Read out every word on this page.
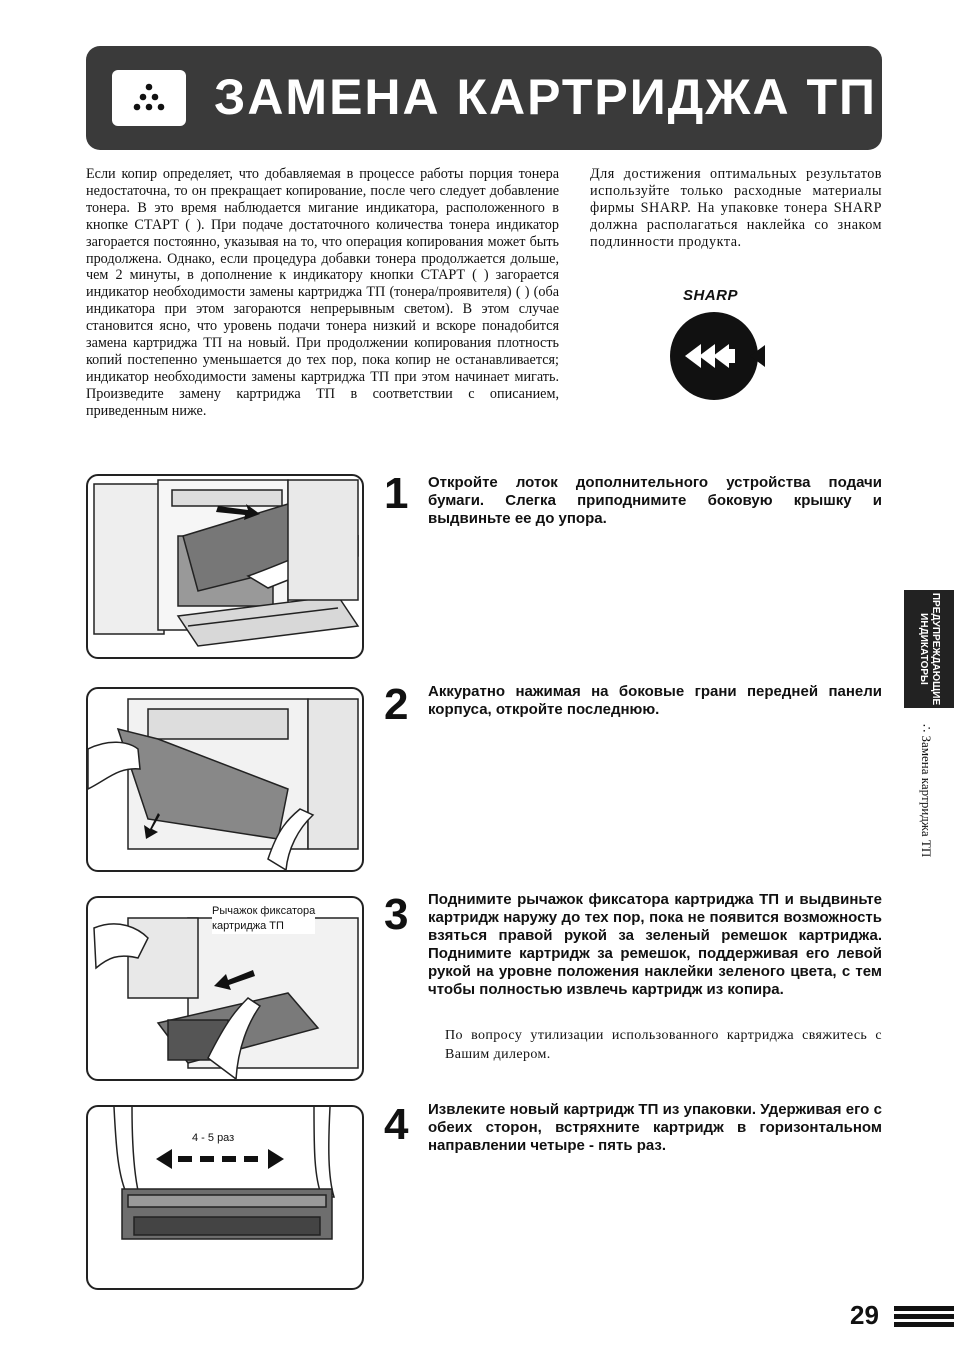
ЗАМЕНА КАРТРИДЖА ТП
Если копир определяет, что добавляемая в процессе работы порция тонера недостаточна, то он прекращает копирование, после чего следует добавление тонера. В это время наблюдается мигание индикатора, расположенного в кнопке СТАРТ ( ). При подаче достаточного количества тонера индикатор загорается постоянно, указывая на то, что операция копирования может быть продолжена. Однако, если процедура добавки тонера продолжается дольше, чем 2 минуты, в дополнение к индикатору кнопки СТАРТ ( ) загорается индикатор необходимости замены картриджа ТП (тонера/проявителя) ( ) (оба индикатора при этом загораются непрерывным светом). В этом случае становится ясно, что уровень подачи тонера низкий и вскоре понадобится замена картриджа ТП на новый. При продолжении копирования плотность копий постепенно уменьшается до тех пор, пока копир не останавливается; индикатор необходимости замены картриджа ТП при этом начинает мигать. Произведите замену картриджа ТП в соответствии с описанием, приведенным ниже.
Для достижения оптимальных результатов используйте только расходные материалы фирмы SHARP. На упаковке тонера SHARP должна располагаться наклейка со знаком подлинности продукта.
SHARP
1 Откройте лоток дополнительного устройства подачи бумаги. Слегка приподнимите боковую крышку и выдвиньте ее до упора.
2 Аккуратно нажимая на боковые грани передней панели корпуса, откройте последнюю.
Рычажок фиксатора
картриджа ТП	3 Поднимите рычажок фиксатора картриджа ТП и выдвиньте картридж наружу до тех пор, пока не появится возможность взяться правой рукой за зеленый ремешок картриджа. Поднимите картридж за ремешок, поддерживая его левой рукой на уровне положения наклейки зеленого цвета, с тем чтобы полностью извлечь картридж из копира.
По вопросу утилизации использованного картриджа свяжитесь с Вашим дилером.
4 - 5 раз	4 Извлеките новый картридж ТП из упаковки. Удерживая его с обеих сторон, встряхните картридж в горизонтальном направлении четыре - пять раз.
ПРЕДУПРЕЖДАЮЩИЕ
ИНДИКАТОРЫ
∴ Замена картриджа ТП
29
